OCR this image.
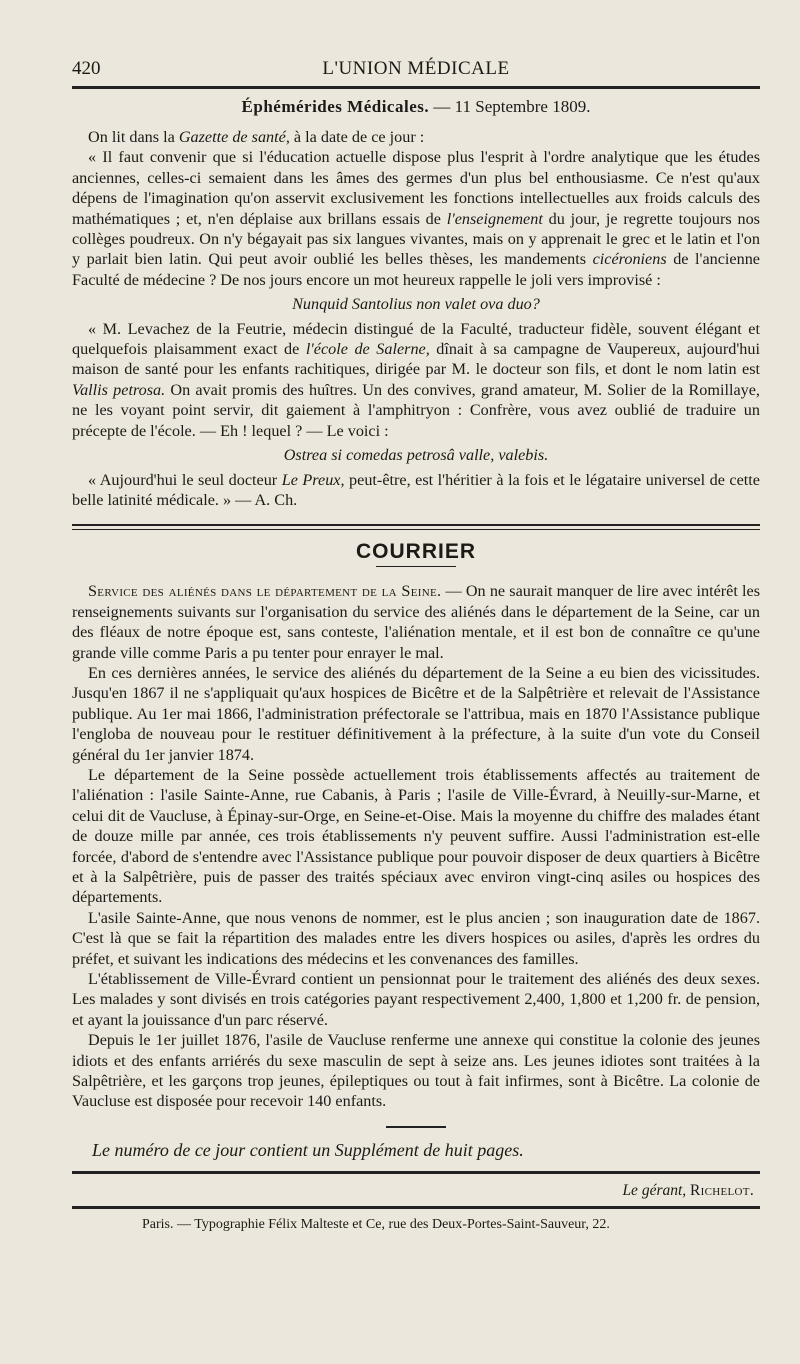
420	L'UNION MÉDICALE
Éphémérides Médicales. — 11 Septembre 1809.

On lit dans la Gazette de santé, à la date de ce jour :

« Il faut convenir que si l'éducation actuelle dispose plus l'esprit à l'ordre analytique que les études anciennes, celles-ci semaient dans les âmes des germes d'un plus bel enthousiasme. Ce n'est qu'aux dépens de l'imagination qu'on asservit exclusivement les fonctions intellectuelles aux froids calculs des mathématiques ; et, n'en déplaise aux brillans essais de l'enseignement du jour, je regrette toujours nos collèges poudreux. On n'y bégayait pas six langues vivantes, mais on y apprenait le grec et le latin et l'on y parlait bien latin. Qui peut avoir oublié les belles thèses, les mandements cicéroniens de l'ancienne Faculté de médecine ? De nos jours encore un mot heureux rappelle le joli vers improvisé :

Nunquid Santolius non valet ova duo?

« M. Levachez de la Feutrie, médecin distingué de la Faculté, traducteur fidèle, souvent élégant et quelquefois plaisamment exact de l'école de Salerne, dînait à sa campagne de Vaupereux, aujourd'hui maison de santé pour les enfants rachitiques, dirigée par M. le docteur son fils, et dont le nom latin est Vallis petrosa. On avait promis des huîtres. Un des convives, grand amateur, M. Solier de la Romillaye, ne les voyant point servir, dit gaiement à l'amphitryon : Confrère, vous avez oublié de traduire un précepte de l'école. — Eh ! lequel ? — Le voici :

Ostrea si comedas petrosâ valle, valebis.

« Aujourd'hui le seul docteur Le Preux, peut-être, est l'héritier à la fois et le légataire universel de cette belle latinité médicale. » — A. Ch.

COURRIER

Service des aliénés dans le département de la Seine. — On ne saurait manquer de lire avec intérêt les renseignements suivants sur l'organisation du service des aliénés dans le département de la Seine, car un des fléaux de notre époque est, sans conteste, l'aliénation mentale, et il est bon de connaître ce qu'une grande ville comme Paris a pu tenter pour enrayer le mal.

En ces dernières années, le service des aliénés du département de la Seine a eu bien des vicissitudes. Jusqu'en 1867 il ne s'appliquait qu'aux hospices de Bicêtre et de la Salpêtrière et relevait de l'Assistance publique. Au 1er mai 1866, l'administration préfectorale se l'attribua, mais en 1870 l'Assistance publique l'engloba de nouveau pour le restituer définitivement à la préfecture, à la suite d'un vote du Conseil général du 1er janvier 1874.

Le département de la Seine possède actuellement trois établissements affectés au traitement de l'aliénation : l'asile Sainte-Anne, rue Cabanis, à Paris ; l'asile de Ville-Évrard, à Neuilly-sur-Marne, et celui dit de Vaucluse, à Épinay-sur-Orge, en Seine-et-Oise. Mais la moyenne du chiffre des malades étant de douze mille par année, ces trois établissements n'y peuvent suffire. Aussi l'administration est-elle forcée, d'abord de s'entendre avec l'Assistance publique pour pouvoir disposer de deux quartiers à Bicêtre et à la Salpêtrière, puis de passer des traités spéciaux avec environ vingt-cinq asiles ou hospices des départements.

L'asile Sainte-Anne, que nous venons de nommer, est le plus ancien ; son inauguration date de 1867. C'est là que se fait la répartition des malades entre les divers hospices ou asiles, d'après les ordres du préfet, et suivant les indications des médecins et les convenances des familles.

L'établissement de Ville-Évrard contient un pensionnat pour le traitement des aliénés des deux sexes. Les malades y sont divisés en trois catégories payant respectivement 2,400, 1,800 et 1,200 fr. de pension, et ayant la jouissance d'un parc réservé.

Depuis le 1er juillet 1876, l'asile de Vaucluse renferme une annexe qui constitue la colonie des jeunes idiots et des enfants arriérés du sexe masculin de sept à seize ans. Les jeunes idiotes sont traitées à la Salpêtrière, et les garçons trop jeunes, épileptiques ou tout à fait infirmes, sont à Bicêtre. La colonie de Vaucluse est disposée pour recevoir 140 enfants.

Le numéro de ce jour contient un Supplément de huit pages.
Le gérant, Richelot.
Paris. — Typographie Félix Malteste et Ce, rue des Deux-Portes-Saint-Sauveur, 22.
